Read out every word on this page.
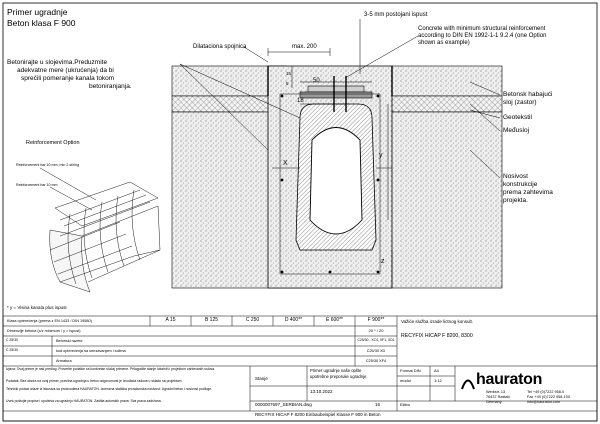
Primer ugradnje
Beton klasa F 900
3-5 mm postojani ispust
Concrete with minimum structural reinforcement
according to DIN EN 1992-1-1 9.2.4 (one Option
shown as example)
Dilataciona spojnica	max. 200
Betonirajte u slojevima.Preduzmite
adekvatne mere (ukrućenja) da bi
sprečili pomeranje kanala tokom
betoniranjanja.
Betonsk habajući
sloj (zastor)
Geotekstil
Međusloj
Nosivost
konstrukcije
prema zahtevima
projekta.
50
18
15
5
X
y
z
Reinforcement Option
Reinforcement bar 10 mm; min 2 st/ring
Reinforcement bar 10 mm
* y = Visina kanala plus ispust
Klasa opterećenja (prema z EN 1433 / DIN 19580)	A 15	B 125	C 250	D 400**	E 600**	F 900**
Dimenzije betona (x/z minimum / y = ispust)	20 * / 20
C 25/30	Betonski razred	C25/30 - XC4, XF1, XD1
C 25/30	kod opterećenja sa smrzavanjem i solima	C25/30 XD
Armatura	C25/30 XF4
Izjava: Ovaj primer je naš predlog. Proverite podatke za konkretan slučaj primene. Prilagodite stanje lokalnih i projektom zahtevanih uslova.
Podatak: Bez obzira na ovaj primer, pravilna ugradnja u beton odgovornost je izvođača radova u skladu sa projektom.
Tehnički podaci izlaze iz iskustva sa proizvodima HAURATON. Iznesena statička proračunska nosivost: Ugradni beton i nosivost podloge.
Uvek poštujte propise i uputstva za ugradnju HAURATON. Zaštita autorskih prava: Sva prava zadržana.
Primer ugradnje naše opšte
upotrebne preporuke ugradnje.
Stanje
13.10.2022
0000007597_SERBIAN.dwg	15
Važiće služba izrade lictnog konsult.
RECYFIX HICAP F 8200, 8300
Format DIN	A4
modul	1:12
Elitbo
hauraton
Werkstr. 13
76437 Rastatt
Germany
Tel +49 (0)7222 958-0
Fax +49 (0)7222 958-100
info@hauraton.com
RECYFIX HICAP F 8200 Einbaubeispiel Klasse F 900 in Beton
